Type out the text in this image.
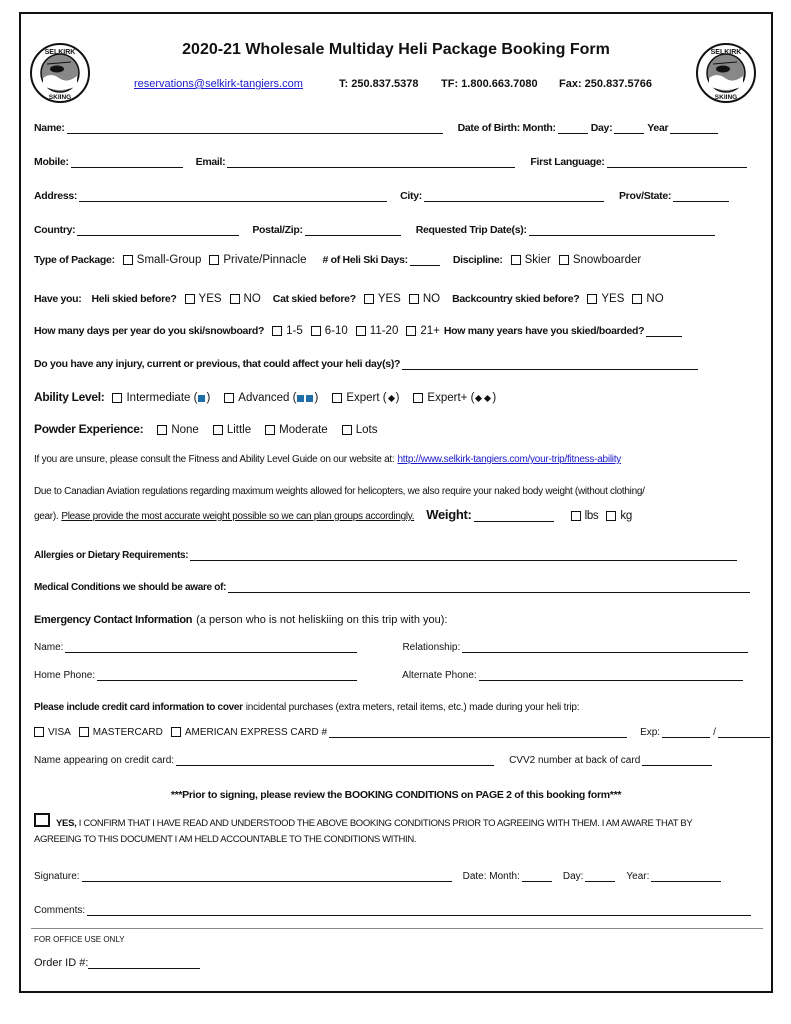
SELKIRK
SKIING
SELKIRK
SKIING
2020-21 Wholesale Multiday Heli Package Booking Form
reservations@selkirk-tangiers.com	T: 250.837.5378 TF: 1.800.663.7080 Fax: 250.837.5766
Name:	Date of Birth: Month:	Day:	Year
Mobile:	Email:	First Language:
Address:	City:	Prov/State:
Country:	Postal/Zip:	Requested Trip Date(s):
Type of Package: Small-Group Private/Pinnacle # of Heli Ski Days:	Discipline: Skier Snowboarder
Have you: Heli skied before? YES NO Cat skied before? YES NO Backcountry skied before? YES NO
How many days per year do you ski/snowboard? 1-5 6-10 11-20 21+ How many years have you skied/boarded?
Do you have any injury, current or previous, that could affect your heli day(s)?
Ability Level: Intermediate ( ) Advanced ( ) Expert ( ) Expert+ ( )
Powder Experience: None Little Moderate Lots
If you are unsure, please consult the Fitness and Ability Level Guide on our website at: http://www.selkirk-tangiers.com/your-trip/fitness-ability
Due to Canadian Aviation regulations regarding maximum weights allowed for helicopters, we also require your naked body weight (without clothing/
gear). Please provide the most accurate weight possible so we can plan groups accordingly. Weight:	lbs kg
Allergies or Dietary Requirements:
Medical Conditions we should be aware of:
Emergency Contact Information (a person who is not heliskiing on this trip with you):
Name:	Relationship:
Home Phone:	Alternate Phone:
Please include credit card information to cover incidental purchases (extra meters, retail items, etc.) made during your heli trip:
VISA MASTERCARD AMERICAN EXPRESS CARD #	Exp:	/
Name appearing on credit card:	CVV2 number at back of card
***Prior to signing, please review the BOOKING CONDITIONS on PAGE 2 of this booking form***
YES, I CONFIRM THAT I HAVE READ AND UNDERSTOOD THE ABOVE BOOKING CONDITIONS PRIOR TO AGREEING WITH THEM. I AM AWARE THAT BY
AGREEING TO THIS DOCUMENT I AM HELD ACCOUNTABLE TO THE CONDITIONS WITHIN.
Signature:	Date: Month:	Day:	Year:
Comments:
FOR OFFICE USE ONLY
Order ID #:
